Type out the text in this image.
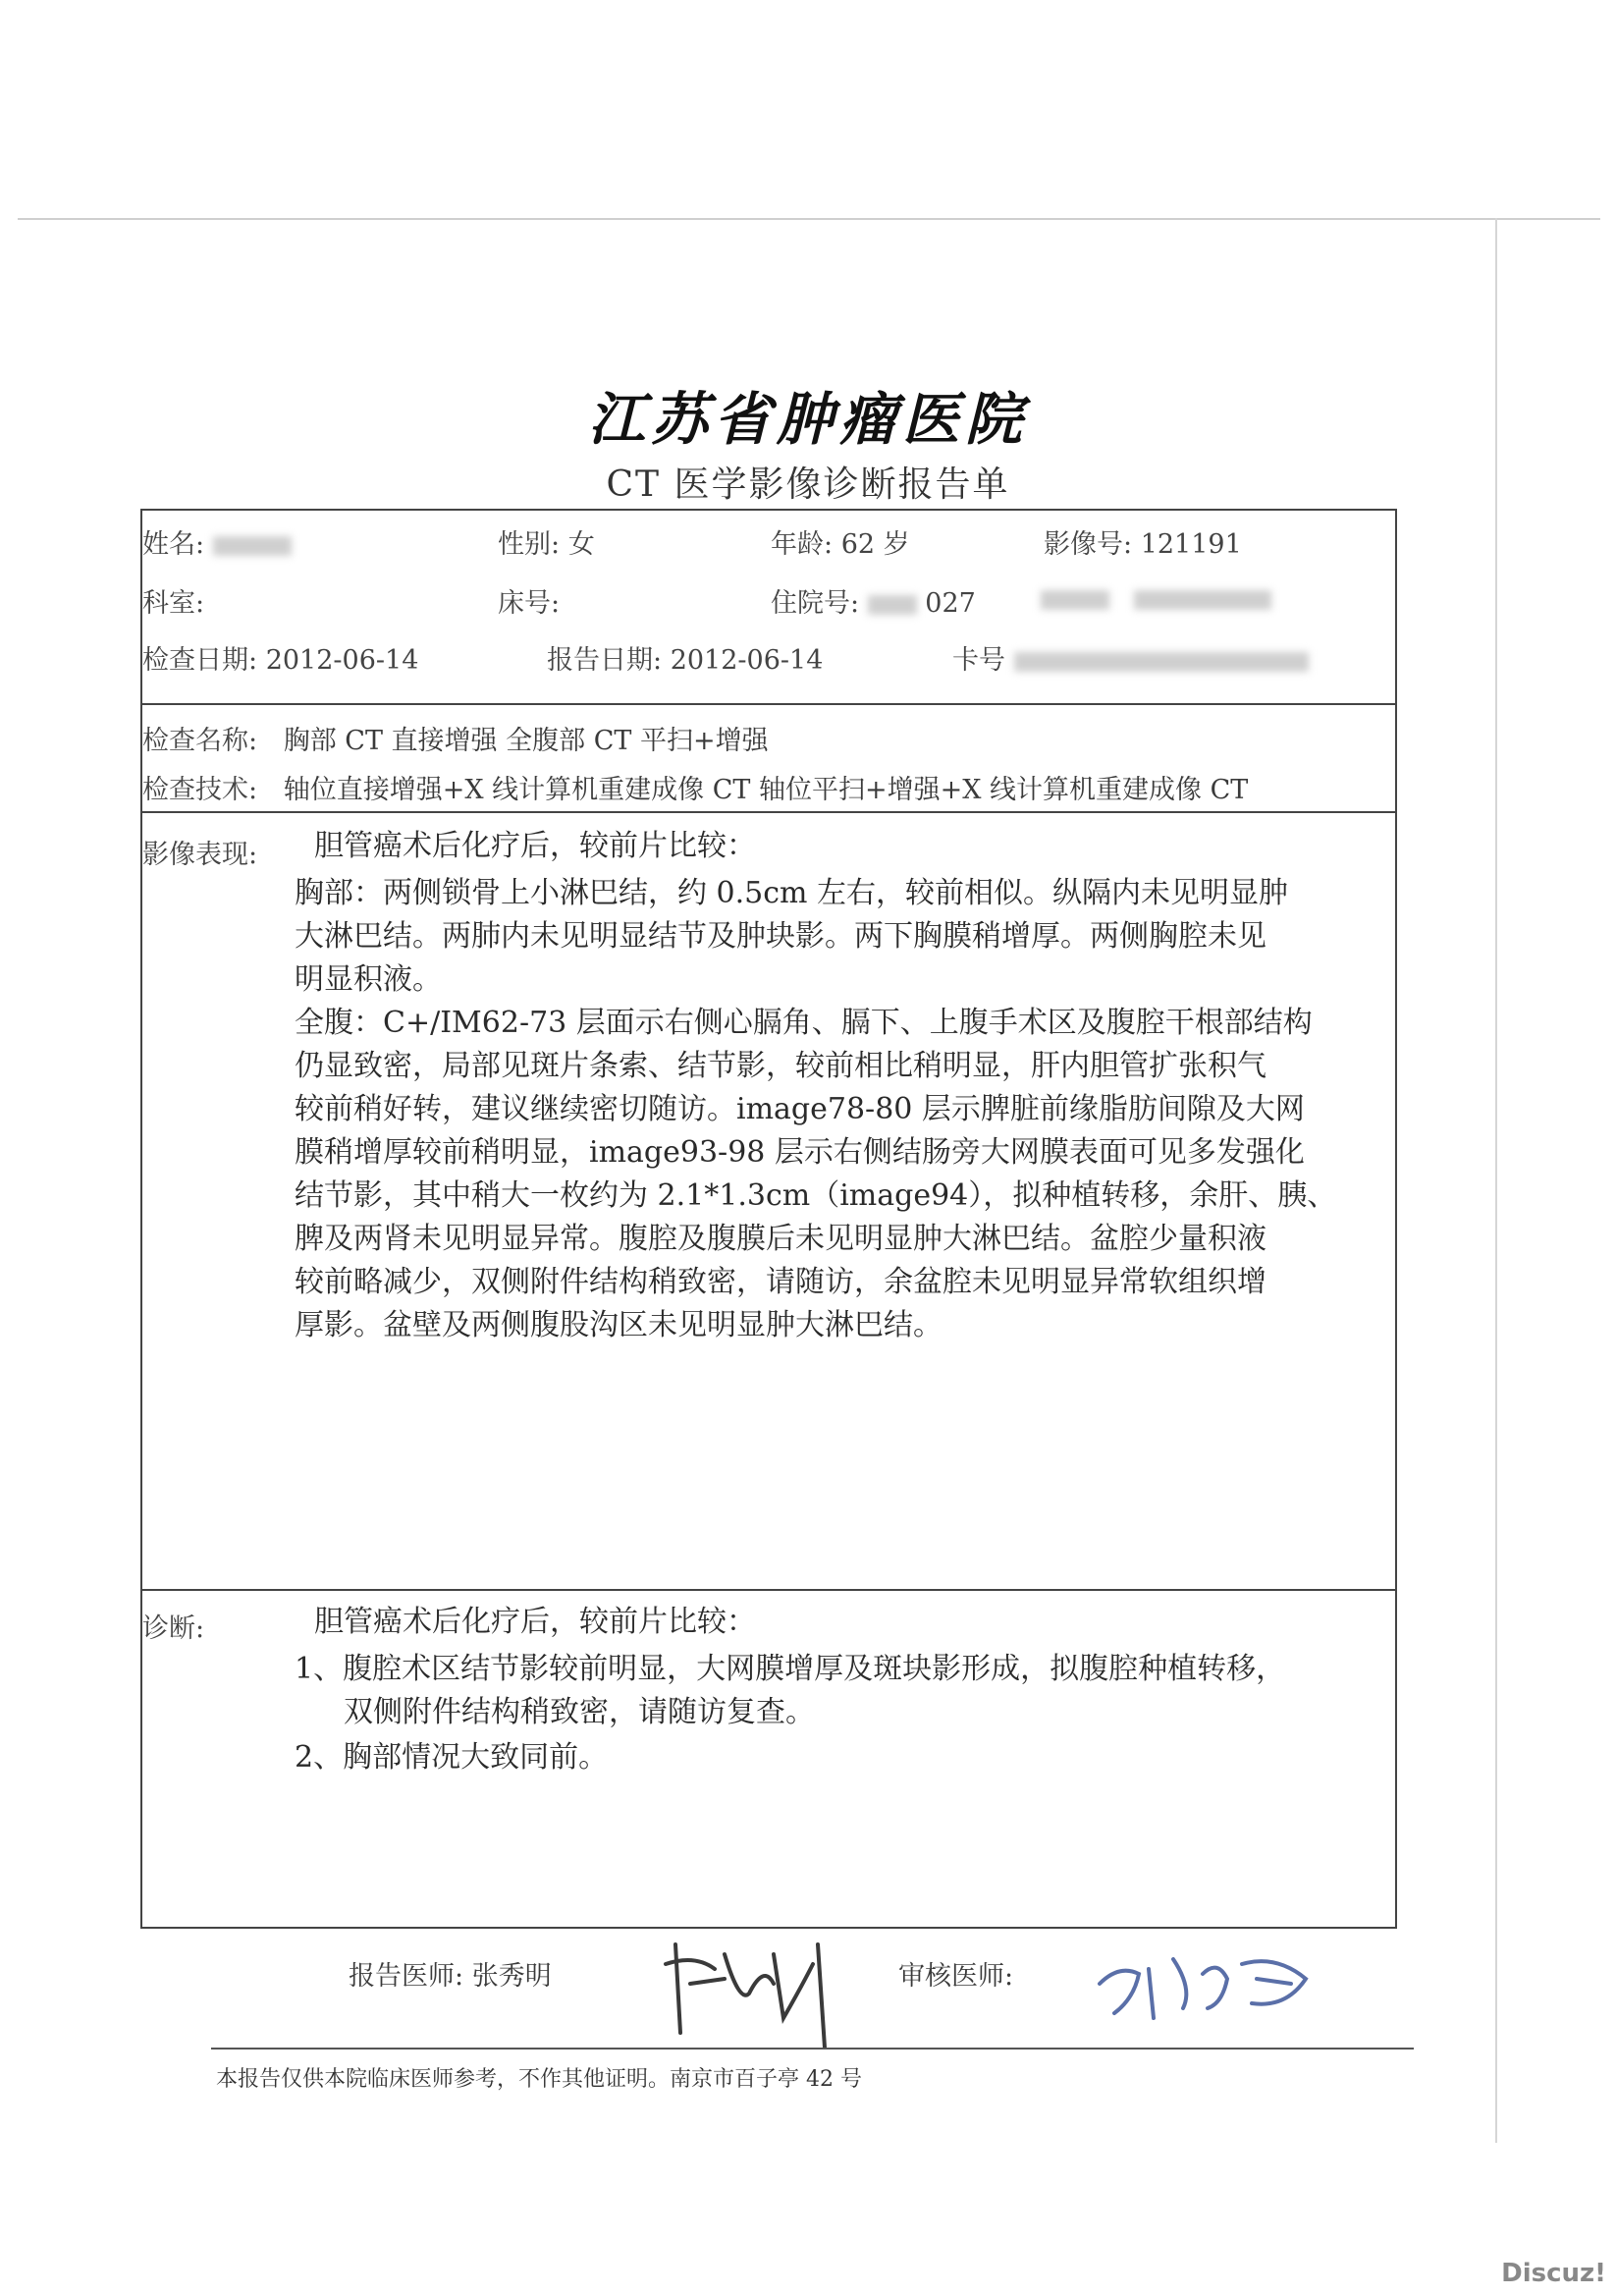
江苏省肿瘤医院
CT 医学影像诊断报告单
姓名:	性别: 女	年龄: 62 岁	影像号: 121191
科室:	床号:	住院号: 027

检查日期: 2012-06-14	报告日期: 2012-06-14	卡号
检查名称: 胸部 CT 直接增强 全腹部 CT 平扫+增强
检查技术: 轴位直接增强+X 线计算机重建成像 CT 轴位平扫+增强+X 线计算机重建成像 CT
影像表现: 胆管癌术后化疗后，较前片比较：
胸部：两侧锁骨上小淋巴结，约 0.5cm 左右，较前相似。纵隔内未见明显肿
大淋巴结。两肺内未见明显结节及肿块影。两下胸膜稍增厚。两侧胸腔未见
明显积液。
全腹：C+/IM62-73 层面示右侧心膈角、膈下、上腹手术区及腹腔干根部结构
仍显致密，局部见斑片条索、结节影，较前相比稍明显，肝内胆管扩张积气
较前稍好转，建议继续密切随访。image78-80 层示脾脏前缘脂肪间隙及大网
膜稍增厚较前稍明显，image93-98 层示右侧结肠旁大网膜表面可见多发强化
结节影，其中稍大一枚约为 2.1*1.3cm（image94），拟种植转移，余肝、胰、
脾及两肾未见明显异常。腹腔及腹膜后未见明显肿大淋巴结。盆腔少量积液
较前略减少，双侧附件结构稍致密，请随访，余盆腔未见明显异常软组织增
厚影。盆壁及两侧腹股沟区未见明显肿大淋巴结。
诊断:	胆管癌术后化疗后，较前片比较：
1、腹腔术区结节影较前明显，大网膜增厚及斑块影形成，拟腹腔种植转移，
双侧附件结构稍致密，请随访复查。
2、胸部情况大致同前。
报告医师: 张秀明	审核医师:
本报告仅供本院临床医师参考，不作其他证明。南京市百子亭 42 号
Discuz!
